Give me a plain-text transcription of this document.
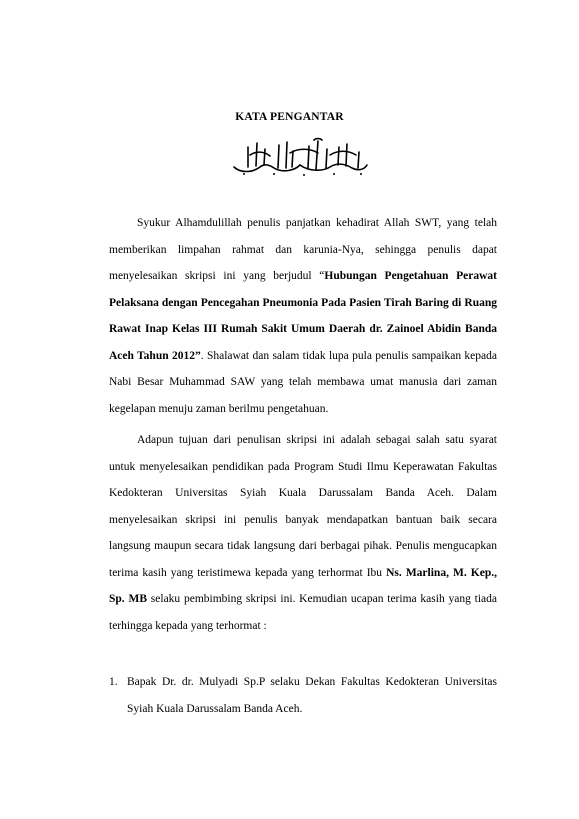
KATA PENGANTAR

Syukur Alhamdulillah penulis panjatkan kehadirat Allah SWT, yang telah memberikan limpahan rahmat dan karunia-Nya, sehingga penulis dapat menyelesaikan skripsi ini yang berjudul “Hubungan Pengetahuan Perawat Pelaksana dengan Pencegahan Pneumonia Pada Pasien Tirah Baring di Ruang Rawat Inap Kelas III Rumah Sakit Umum Daerah dr. Zainoel Abidin Banda Aceh Tahun 2012”. Shalawat dan salam tidak lupa pula penulis sampaikan kepada Nabi Besar Muhammad SAW yang telah membawa umat manusia dari zaman kegelapan menuju zaman berilmu pengetahuan.

Adapun tujuan dari penulisan skripsi ini adalah sebagai salah satu syarat untuk menyelesaikan pendidikan pada Program Studi Ilmu Keperawatan Fakultas Kedokteran Universitas Syiah Kuala Darussalam Banda Aceh. Dalam menyelesaikan skripsi ini penulis banyak mendapatkan bantuan baik secara langsung maupun secara tidak langsung dari berbagai pihak. Penulis mengucapkan terima kasih yang teristimewa kepada yang terhormat Ibu Ns. Marlina, M. Kep., Sp. MB selaku pembimbing skripsi ini. Kemudian ucapan terima kasih yang tiada terhingga kepada yang terhormat :

1. Bapak Dr. dr. Mulyadi Sp.P selaku Dekan Fakultas Kedokteran Universitas Syiah Kuala Darussalam Banda Aceh.
